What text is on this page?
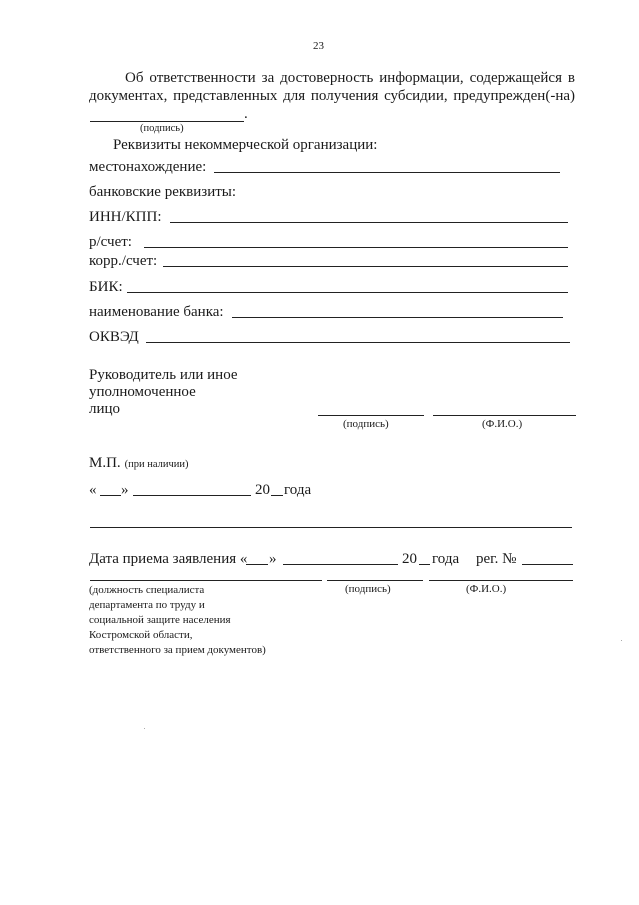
23
Об ответственности за достоверность информации, содержащейся в
документах, представленных для получения субсидии, предупрежден(-на)
.
(подпись)
Реквизиты некоммерческой организации:
местонахождение:
банковские реквизиты:
ИНН/КПП:
р/счет:
корр./счет:
БИК:
наименование банка:
ОКВЭД
Руководитель или иное
уполномоченное
лицо
(подпись)	(Ф.И.О.)
М.П. (при наличии)
« »	20 года
Дата приема заявления « »	20 года рег. №
(должность специалиста
департамента по труду и
социальной защите населения
Костромской области,
ответственного за прием документов)
(подпись)	(Ф.И.О.)
